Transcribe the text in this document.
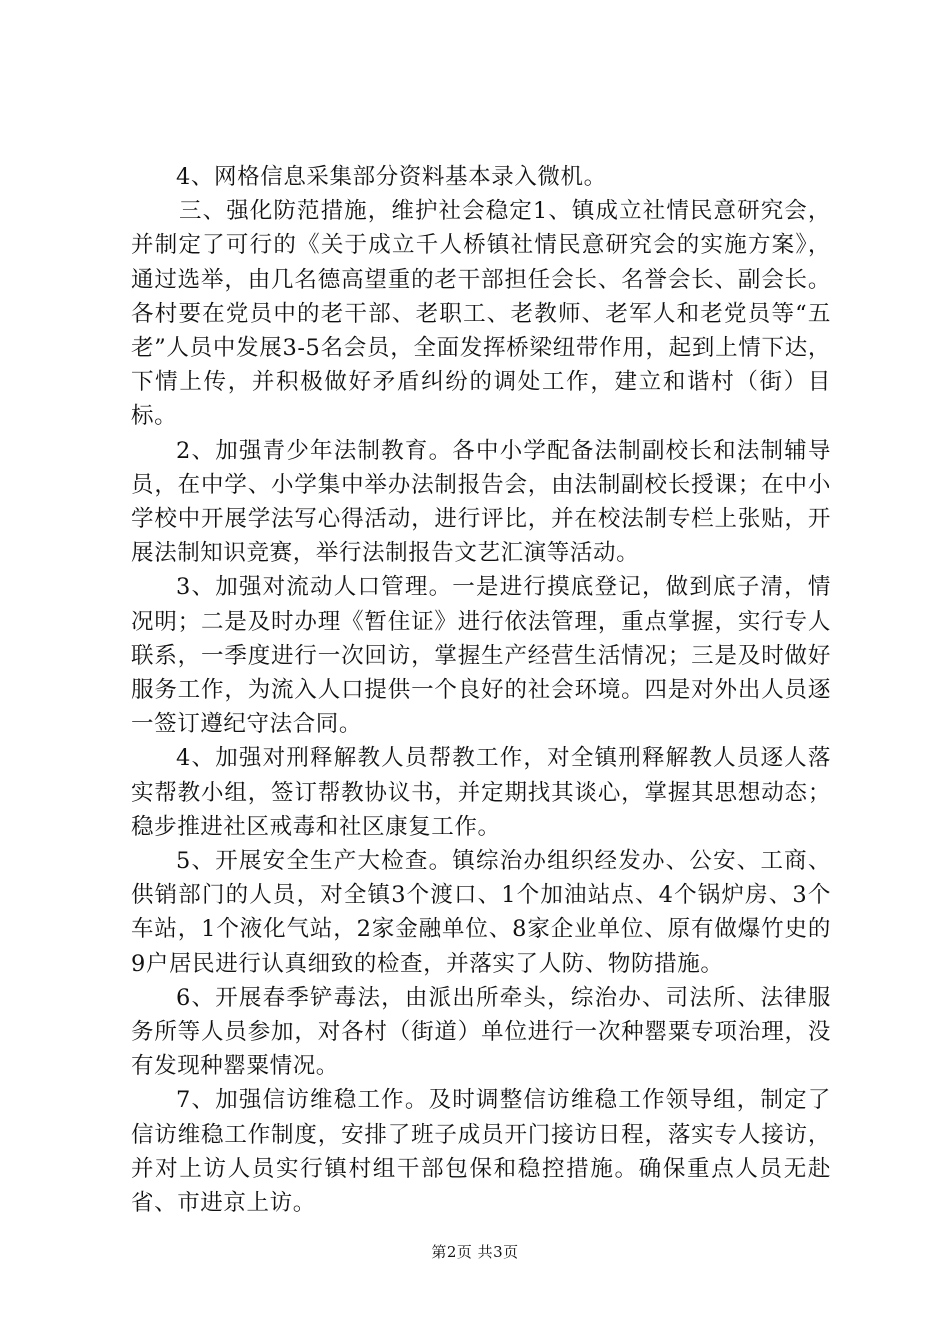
4、网格信息采集部分资料基本录入微机。

三、强化防范措施，维护社会稳定1、镇成立社情民意研究会，并制定了可行的《关于成立千人桥镇社情民意研究会的实施方案》，通过选举，由几名德高望重的老干部担任会长、名誉会长、副会长。各村要在党员中的老干部、老职工、老教师、老军人和老党员等“五老”人员中发展3-5名会员，全面发挥桥梁纽带作用，起到上情下达，下情上传，并积极做好矛盾纠纷的调处工作，建立和谐村（街）目标。

2、加强青少年法制教育。各中小学配备法制副校长和法制辅导员，在中学、小学集中举办法制报告会，由法制副校长授课；在中小学校中开展学法写心得活动，进行评比，并在校法制专栏上张贴，开展法制知识竞赛，举行法制报告文艺汇演等活动。

3、加强对流动人口管理。一是进行摸底登记，做到底子清，情况明；二是及时办理《暂住证》进行依法管理，重点掌握，实行专人联系，一季度进行一次回访，掌握生产经营生活情况；三是及时做好服务工作，为流入人口提供一个良好的社会环境。四是对外出人员逐一签订遵纪守法合同。

4、加强对刑释解教人员帮教工作，对全镇刑释解教人员逐人落实帮教小组，签订帮教协议书，并定期找其谈心，掌握其思想动态；稳步推进社区戒毒和社区康复工作。

5、开展安全生产大检查。镇综治办组织经发办、公安、工商、供销部门的人员，对全镇3个渡口、1个加油站点、4个锅炉房、3个车站，1个液化气站，2家金融单位、8家企业单位、原有做爆竹史的9户居民进行认真细致的检查，并落实了人防、物防措施。

6、开展春季铲毒法，由派出所牵头，综治办、司法所、法律服务所等人员参加，对各村（街道）单位进行一次种罂粟专项治理，没有发现种罂粟情况。

7、加强信访维稳工作。及时调整信访维稳工作领导组，制定了信访维稳工作制度，安排了班子成员开门接访日程，落实专人接访，并对上访人员实行镇村组干部包保和稳控措施。确保重点人员无赴省、市进京上访。

第2页 共3页
